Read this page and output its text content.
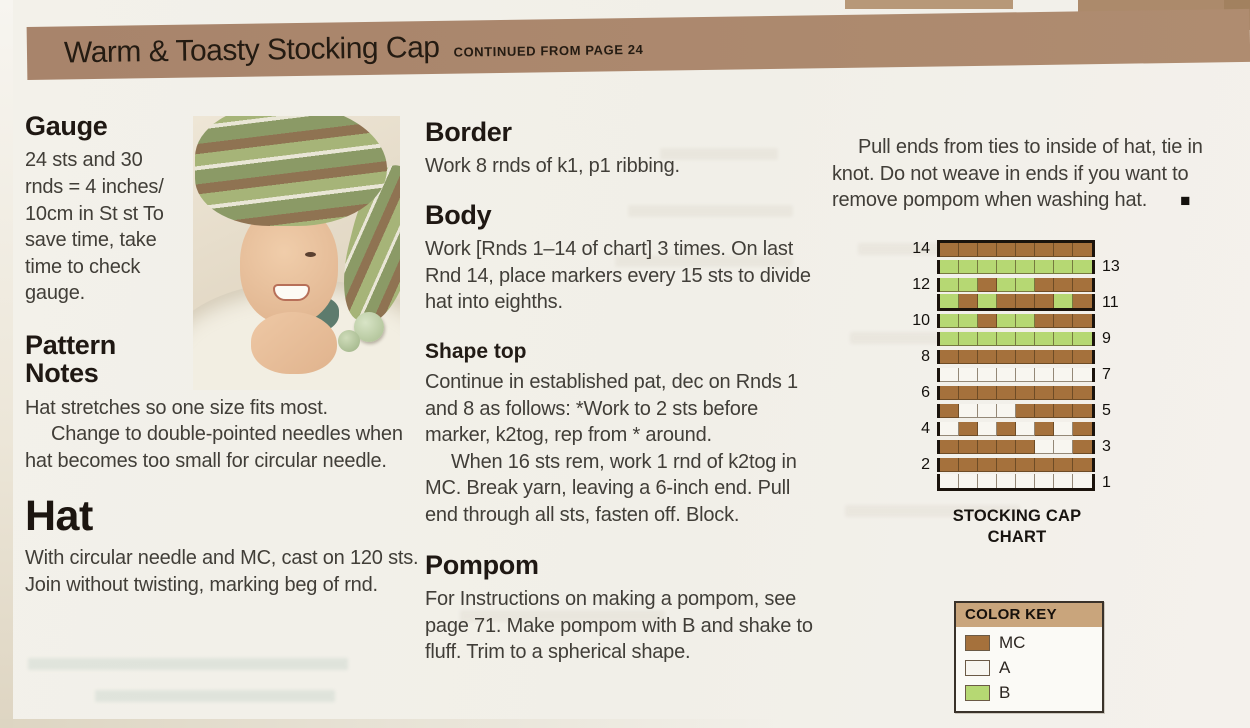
Warm & Toasty Stocking Cap CONTINUED FROM PAGE 24
Gauge

24 sts and 30 rnds = 4 inches/ 10cm in St st To save time, take time to check gauge.

Pattern Notes

Hat stretches so one size fits most.

Change to double-pointed needles when hat becomes too small for circular needle.

Hat

With circular needle and MC, cast on 120 sts. Join without twisting, marking beg of rnd.

Border

Work 8 rnds of k1, p1 ribbing.

Body

Work [Rnds 1–14 of chart] 3 times. On last Rnd 14, place markers every 15 sts to divide hat into eighths.

Shape top

Continue in established pat, dec on Rnds 1 and 8 as follows: *Work to 2 sts before marker, k2tog, rep from * around.

When 16 sts rem, work 1 rnd of k2tog in MC. Break yarn, leaving a 6-inch end. Pull end through all sts, fasten off. Block.

Pompom

For Instructions on making a pompom, see page 71. Make pompom with B and shake to fluff. Trim to a spherical shape.

Pull ends from ties to inside of hat, tie in knot. Do not weave in ends if you want to remove pompom when washing hat. ■

14
13
12
11
10
9
8
7
6
5
4
3
2
1
STOCKING CAP
CHART
COLOR KEY
MC
A
B
